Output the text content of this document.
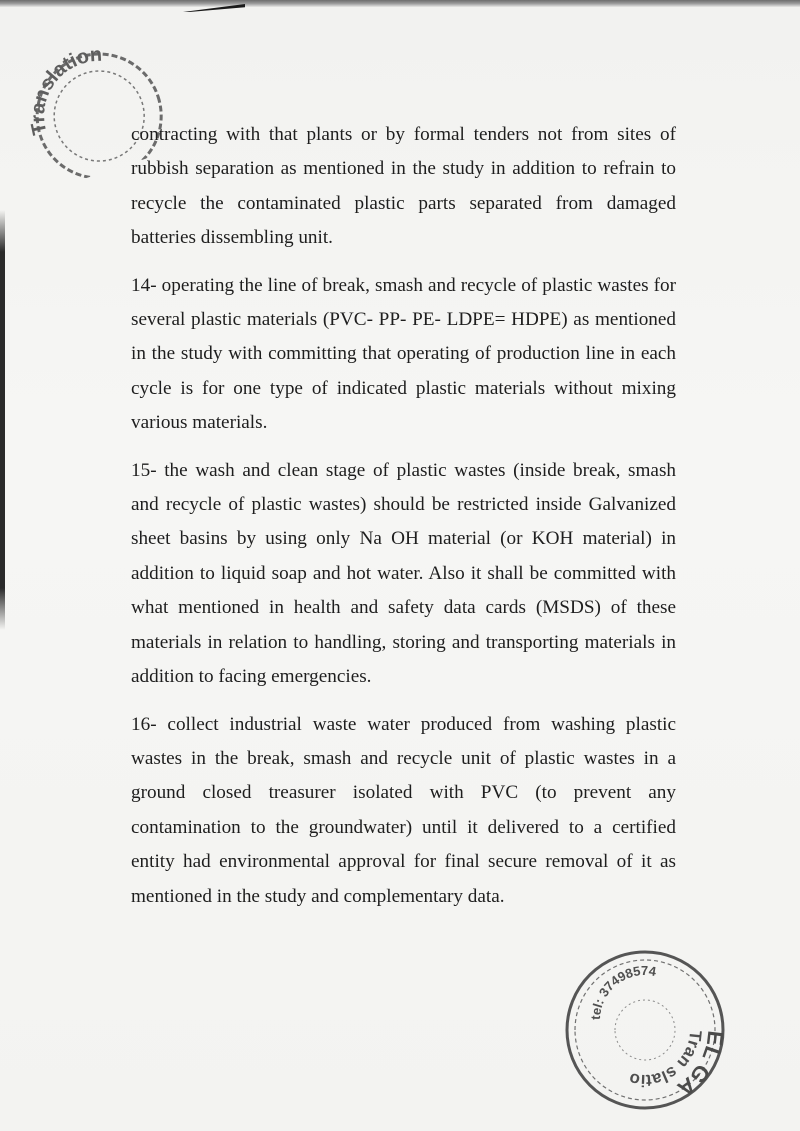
Translation

contracting with that plants or by formal tenders not from sites of rubbish separation as mentioned in the study in addition to refrain to recycle the contaminated plastic parts separated from damaged batteries dissembling unit.

14- operating the line of break, smash and recycle of plastic wastes for several plastic materials (PVC- PP- PE- LDPE= HDPE) as mentioned in the study with committing that operating of production line in each cycle is for one type of indicated plastic materials without mixing various materials.

15- the wash and clean stage of plastic wastes (inside break, smash and recycle of plastic wastes) should be restricted inside Galvanized sheet basins by using only Na OH material (or KOH material) in addition to liquid soap and hot water. Also it shall be committed with what mentioned in health and safety data cards (MSDS) of these materials in relation to handling, storing and transporting materials in addition to facing emergencies.

16- collect industrial waste water produced from washing plastic wastes in the break, smash and recycle unit of plastic wastes in a ground closed treasurer isolated with PVC (to prevent any contamination to the groundwater) until it delivered to a certified entity had environmental approval for final secure removal of it as mentioned in the study and complementary data.

EL GA
Tran slatio
tel: 37498574
